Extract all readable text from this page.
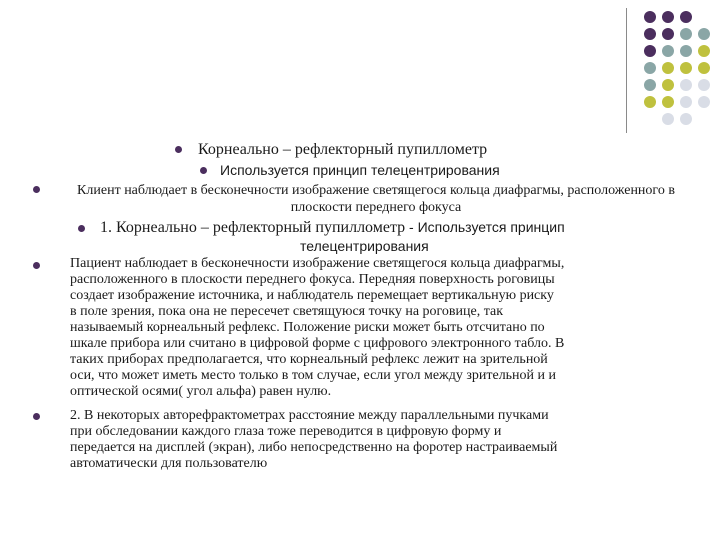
Корнеально – рефлекторный пупиллометр
Используется принцип телецентрирования
Клиент наблюдает в бесконечности изображение светящегося кольца диафрагмы, расположенного в плоскости переднего фокуса
1. Корнеально – рефлекторный пупиллометр - Используется принцип
телецентрирования
Пациент наблюдает в бесконечности изображение светящегося кольца диафрагмы,
расположенного в плоскости переднего фокуса. Передняя поверхность роговицы
создает изображение источника, и наблюдатель перемещает вертикальную риску
в поле зрения, пока она не пересечет светящуюся точку на роговице, так
называемый корнеальный рефлекс. Положение риски может быть отсчитано по
шкале прибора или считано в цифровой форме с цифрового электронного табло. В
таких приборах предполагается, что корнеальный рефлекс лежит на зрительной
оси, что может иметь место только в том случае, если угол между зрительной и и
оптической осями( угол альфа) равен нулю.
2. В некоторых авторефрактометрах расстояние между параллельными пучками
при обследовании каждого глаза тоже переводится в цифровую форму и
передается на дисплей (экран), либо непосредственно на форотер настраиваемый
автоматически для пользователю
